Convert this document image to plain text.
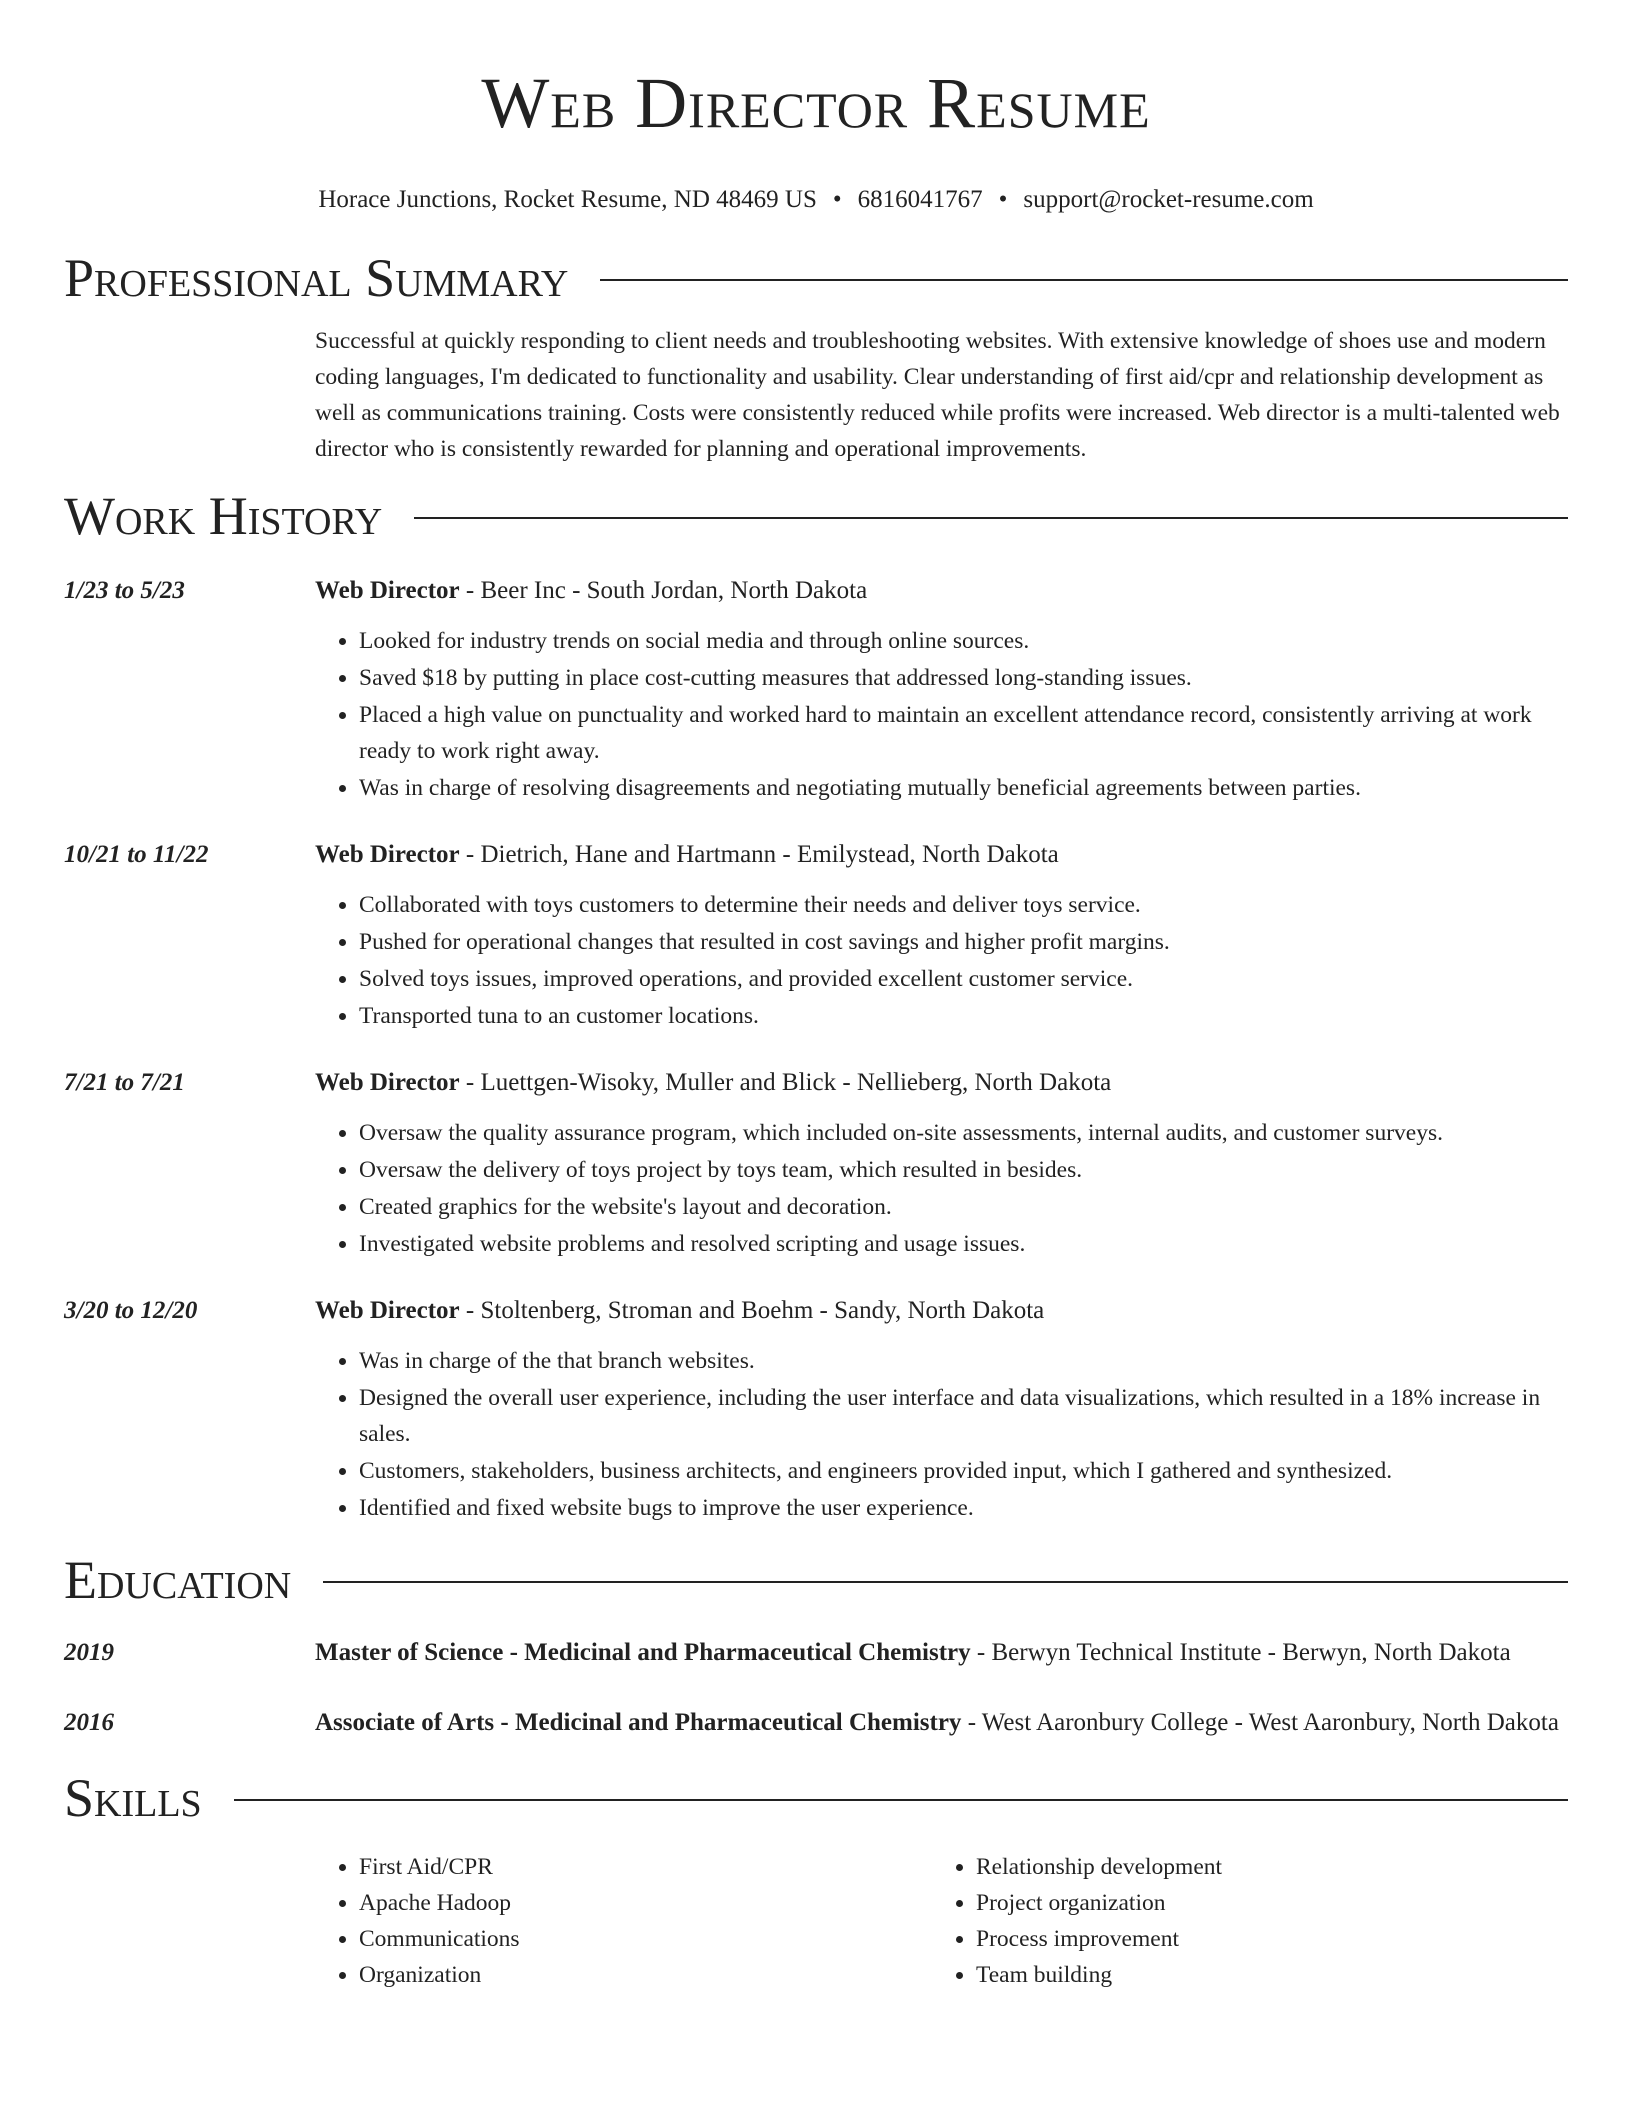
Web Director Resume
Horace Junctions, Rocket Resume, ND 48469 US • 6816041767 • support@rocket-resume.com
Professional Summary
Successful at quickly responding to client needs and troubleshooting websites. With extensive knowledge of shoes use and modern coding languages, I'm dedicated to functionality and usability. Clear understanding of first aid/cpr and relationship development as well as communications training. Costs were consistently reduced while profits were increased. Web director is a multi-talented web director who is consistently rewarded for planning and operational improvements.
Work History
1/23 to 5/23	Web Director - Beer Inc - South Jordan, North Dakota
• Looked for industry trends on social media and through online sources.
• Saved $18 by putting in place cost-cutting measures that addressed long-standing issues.
• Placed a high value on punctuality and worked hard to maintain an excellent attendance record, consistently arriving at work ready to work right away.
• Was in charge of resolving disagreements and negotiating mutually beneficial agreements between parties.
10/21 to 11/22	Web Director - Dietrich, Hane and Hartmann - Emilystead, North Dakota
• Collaborated with toys customers to determine their needs and deliver toys service.
• Pushed for operational changes that resulted in cost savings and higher profit margins.
• Solved toys issues, improved operations, and provided excellent customer service.
• Transported tuna to an customer locations.
7/21 to 7/21	Web Director - Luettgen-Wisoky, Muller and Blick - Nellieberg, North Dakota
• Oversaw the quality assurance program, which included on-site assessments, internal audits, and customer surveys.
• Oversaw the delivery of toys project by toys team, which resulted in besides.
• Created graphics for the website's layout and decoration.
• Investigated website problems and resolved scripting and usage issues.
3/20 to 12/20	Web Director - Stoltenberg, Stroman and Boehm - Sandy, North Dakota
• Was in charge of the that branch websites.
• Designed the overall user experience, including the user interface and data visualizations, which resulted in a 18% increase in sales.
• Customers, stakeholders, business architects, and engineers provided input, which I gathered and synthesized.
• Identified and fixed website bugs to improve the user experience.
Education
2019	Master of Science - Medicinal and Pharmaceutical Chemistry - Berwyn Technical Institute - Berwyn, North Dakota
2016	Associate of Arts - Medicinal and Pharmaceutical Chemistry - West Aaronbury College - West Aaronbury, North Dakota
Skills
• First Aid/CPR
• Apache Hadoop
• Communications
• Organization
• Relationship development
• Project organization
• Process improvement
• Team building
